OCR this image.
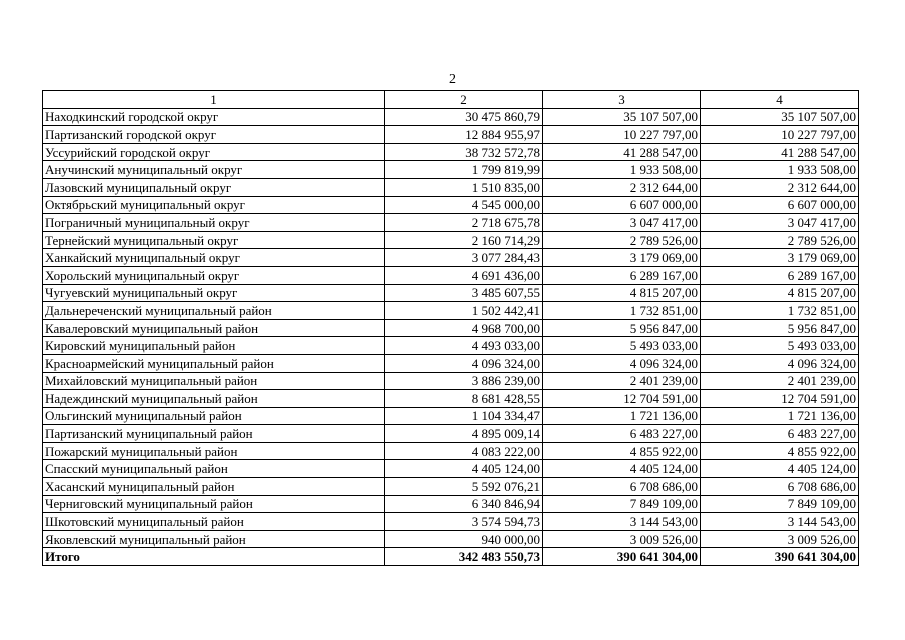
2
1	2	3	4
Находкинский городской округ	30 475 860,79	35 107 507,00	35 107 507,00
Партизанский городской округ	12 884 955,97	10 227 797,00	10 227 797,00
Уссурийский городской округ	38 732 572,78	41 288 547,00	41 288 547,00
Анучинский муниципальный округ	1 799 819,99	1 933 508,00	1 933 508,00
Лазовский муниципальный округ	1 510 835,00	2 312 644,00	2 312 644,00
Октябрьский муниципальный округ	4 545 000,00	6 607 000,00	6 607 000,00
Пограничный муниципальный округ	2 718 675,78	3 047 417,00	3 047 417,00
Тернейский муниципальный округ	2 160 714,29	2 789 526,00	2 789 526,00
Ханкайский муниципальный округ	3 077 284,43	3 179 069,00	3 179 069,00
Хорольский муниципальный округ	4 691 436,00	6 289 167,00	6 289 167,00
Чугуевский муниципальный округ	3 485 607,55	4 815 207,00	4 815 207,00
Дальнереченский муниципальный район	1 502 442,41	1 732 851,00	1 732 851,00
Кавалеровский муниципальный район	4 968 700,00	5 956 847,00	5 956 847,00
Кировский муниципальный район	4 493 033,00	5 493 033,00	5 493 033,00
Красноармейский муниципальный район	4 096 324,00	4 096 324,00	4 096 324,00
Михайловский муниципальный район	3 886 239,00	2 401 239,00	2 401 239,00
Надеждинский муниципальный район	8 681 428,55	12 704 591,00	12 704 591,00
Ольгинский муниципальный район	1 104 334,47	1 721 136,00	1 721 136,00
Партизанский муниципальный район	4 895 009,14	6 483 227,00	6 483 227,00
Пожарский муниципальный район	4 083 222,00	4 855 922,00	4 855 922,00
Спасский муниципальный район	4 405 124,00	4 405 124,00	4 405 124,00
Хасанский муниципальный район	5 592 076,21	6 708 686,00	6 708 686,00
Черниговский муниципальный район	6 340 846,94	7 849 109,00	7 849 109,00
Шкотовский муниципальный район	3 574 594,73	3 144 543,00	3 144 543,00
Яковлевский муниципальный район	940 000,00	3 009 526,00	3 009 526,00
Итого	342 483 550,73	390 641 304,00	390 641 304,00
